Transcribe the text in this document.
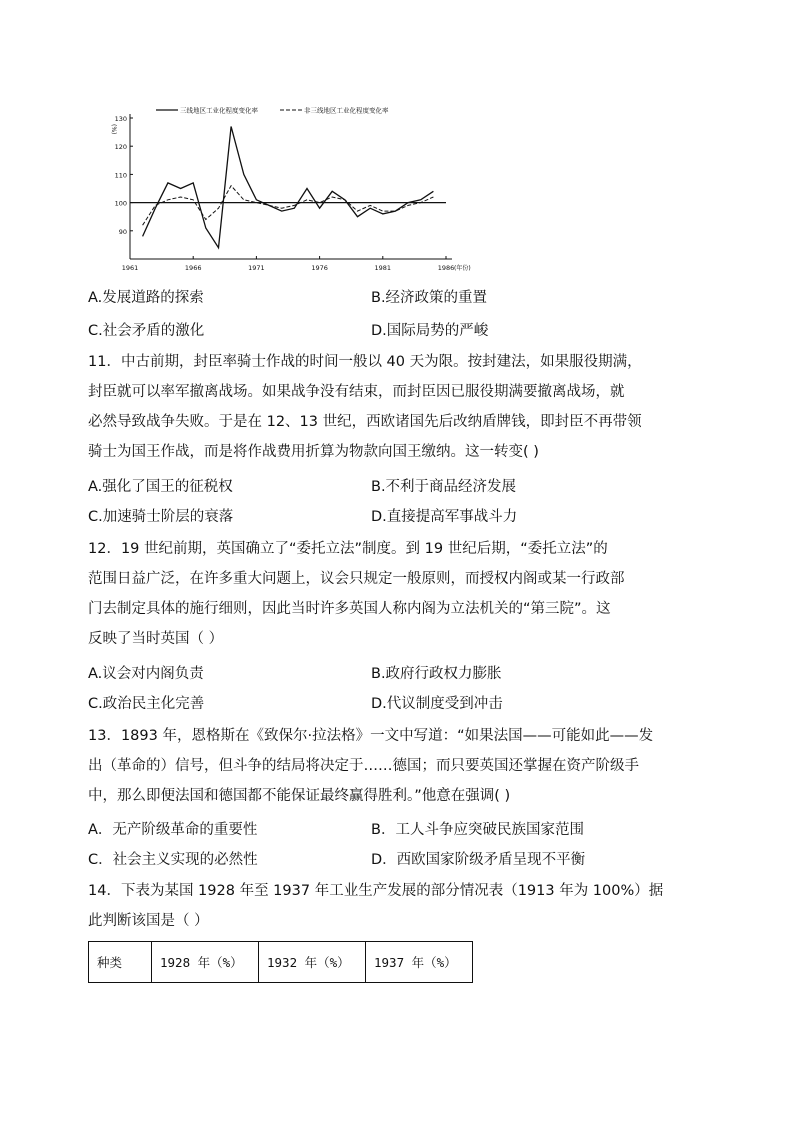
90
100
110
120
130
(%)
1961	1966	1971	1976	1981	1986 (年份)
三线地区工业化程度变化率	非三线地区工业化程度变化率
A.发展道路的探索	B.经济政策的重置
C.社会矛盾的激化	D.国际局势的严峻

11．中古前期，封臣率骑士作战的时间一般以 40 天为限。按封建法，如果服役期满，

封臣就可以率军撤离战场。如果战争没有结束，而封臣因已服役期满要撤离战场，就

必然导致战争失败。于是在 12、13 世纪，西欧诸国先后改纳盾牌钱，即封臣不再带领

骑士为国王作战，而是将作战费用折算为物款向国王缴纳。这一转变( )

A.强化了国王的征税权	B.不利于商品经济发展
C.加速骑士阶层的衰落	D.直接提高军事战斗力

12．19 世纪前期，英国确立了“委托立法”制度。到 19 世纪后期，“委托立法”的

范围日益广泛，在许多重大问题上，议会只规定一般原则，而授权内阁或某一行政部

门去制定具体的施行细则，因此当时许多英国人称内阁为立法机关的“第三院”。这

反映了当时英国（ ）

A.议会对内阁负责	B.政府行政权力膨胀
C.政治民主化完善	D.代议制度受到冲击

13．1893 年，恩格斯在《致保尔·拉法格》一文中写道：“如果法国——可能如此——发

出（革命的）信号，但斗争的结局将决定于……德国；而只要英国还掌握在资产阶级手

中，那么即便法国和德国都不能保证最终赢得胜利。”他意在强调( )

A．无产阶级革命的重要性	B．工人斗争应突破民族国家范围
C．社会主义实现的必然性	D．西欧国家阶级矛盾呈现不平衡

14．下表为某国 1928 年至 1937 年工业生产发展的部分情况表（1913 年为 100%）据

此判断该国是（ ）

种类	1928 年（%）	1932 年（%）	1937 年（%）
